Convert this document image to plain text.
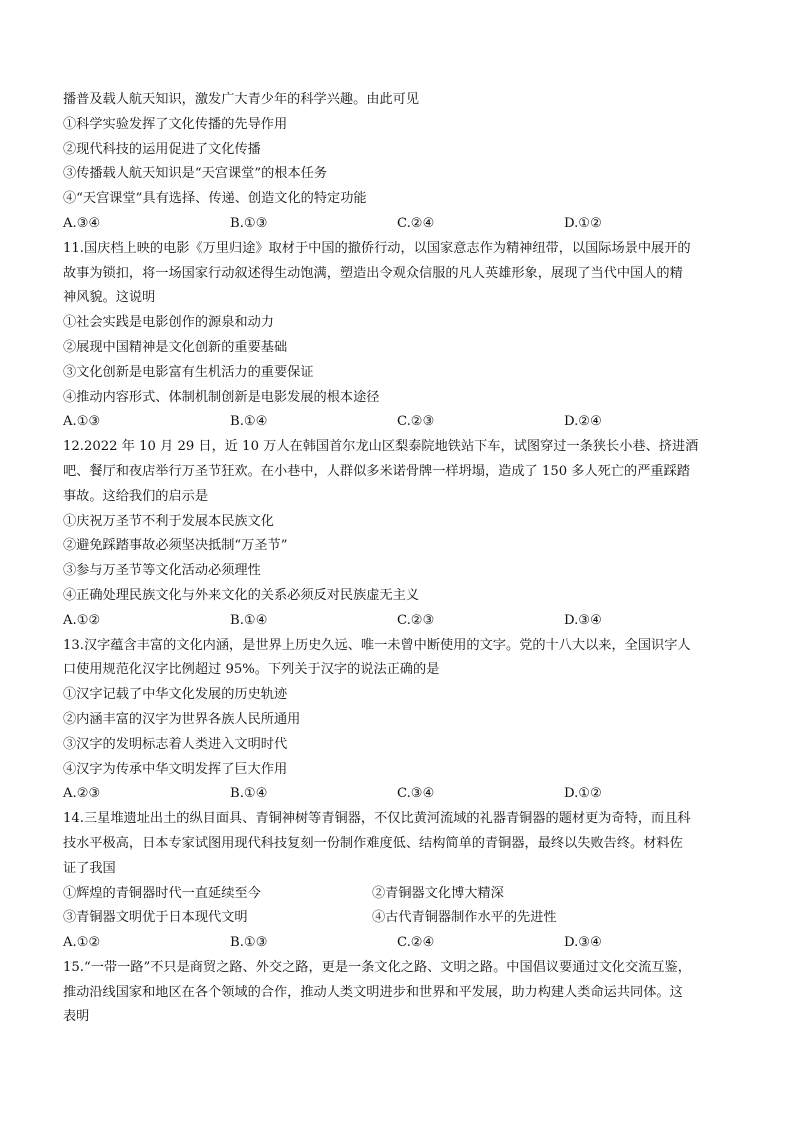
播普及载人航天知识，激发广大青少年的科学兴趣。由此可见
①科学实验发挥了文化传播的先导作用
②现代科技的运用促进了文化传播
③传播载人航天知识是“天宫课堂”的根本任务
④“天宫课堂”具有选择、传递、创造文化的特定功能
A.③④	B.①③	C.②④	D.①②
11.国庆档上映的电影《万里归途》取材于中国的撤侨行动，以国家意志作为精神纽带，以国际场景中展开的
故事为锁扣，将一场国家行动叙述得生动饱满，塑造出令观众信服的凡人英雄形象，展现了当代中国人的精
神风貌。这说明
①社会实践是电影创作的源泉和动力
②展现中国精神是文化创新的重要基础
③文化创新是电影富有生机活力的重要保证
④推动内容形式、体制机制创新是电影发展的根本途径
A.①③	B.①④	C.②③	D.②④
12.2022 年 10 月 29 日，近 10 万人在韩国首尔龙山区梨泰院地铁站下车，试图穿过一条狭长小巷、挤进酒
吧、餐厅和夜店举行万圣节狂欢。在小巷中，人群似多米诺骨牌一样坍塌，造成了 150 多人死亡的严重踩踏
事故。这给我们的启示是
①庆祝万圣节不利于发展本民族文化
②避免踩踏事故必须坚决抵制“万圣节”
③参与万圣节等文化活动必须理性
④正确处理民族文化与外来文化的关系必须反对民族虚无主义
A.①②	B.①④	C.②③	D.③④
13.汉字蕴含丰富的文化内涵，是世界上历史久远、唯一未曾中断使用的文字。党的十八大以来，全国识字人
口使用规范化汉字比例超过 95%。下列关于汉字的说法正确的是
①汉字记载了中华文化发展的历史轨迹
②内涵丰富的汉字为世界各族人民所通用
③汉字的发明标志着人类进入文明时代
④汉字为传承中华文明发挥了巨大作用
A.②③	B.①④	C.③④	D.①②
14.三星堆遗址出土的纵目面具、青铜神树等青铜器，不仅比黄河流域的礼器青铜器的题材更为奇特，而且科
技水平极高，日本专家试图用现代科技复刻一份制作难度低、结构简单的青铜器，最终以失败告终。材料佐
证了我国
①辉煌的青铜器时代一直延续至今	②青铜器文化博大精深
③青铜器文明优于日本现代文明	④古代青铜器制作水平的先进性
A.①②	B.①③	C.②④	D.③④
15.“一带一路”不只是商贸之路、外交之路，更是一条文化之路、文明之路。中国倡议要通过文化交流互鉴，
推动沿线国家和地区在各个领域的合作，推动人类文明进步和世界和平发展，助力构建人类命运共同体。这
表明
